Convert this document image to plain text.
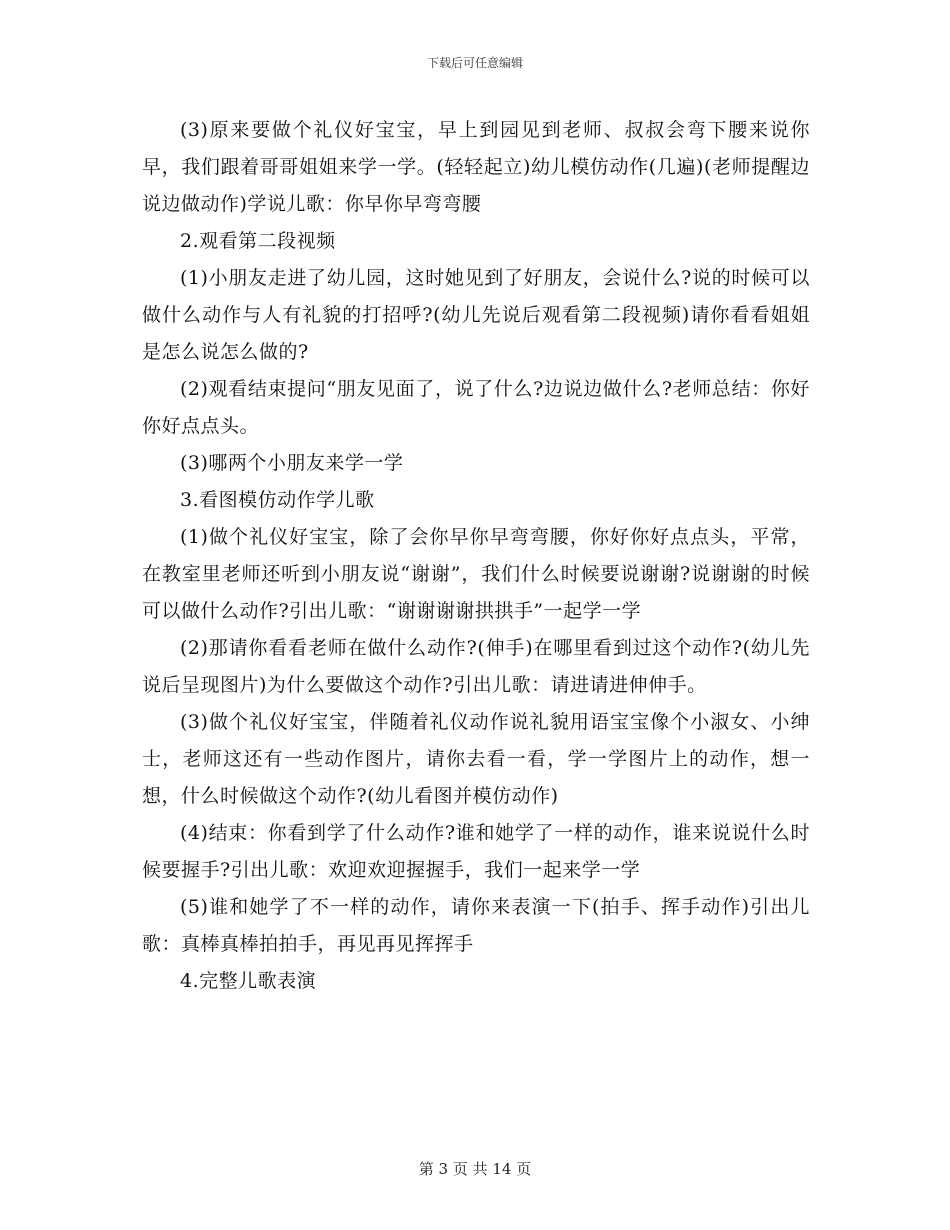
下载后可任意编辑

(3)原来要做个礼仪好宝宝，早上到园见到老师、叔叔会弯下腰来说你早，我们跟着哥哥姐姐来学一学。(轻轻起立)幼儿模仿动作(几遍)(老师提醒边说边做动作)学说儿歌：你早你早弯弯腰

2.观看第二段视频

(1)小朋友走进了幼儿园，这时她见到了好朋友，会说什么?说的时候可以做什么动作与人有礼貌的打招呼?(幼儿先说后观看第二段视频)请你看看姐姐是怎么说怎么做的?

(2)观看结束提问“朋友见面了，说了什么?边说边做什么?老师总结：你好你好点点头。

(3)哪两个小朋友来学一学

3.看图模仿动作学儿歌

(1)做个礼仪好宝宝，除了会你早你早弯弯腰，你好你好点点头，平常，在教室里老师还听到小朋友说“谢谢”，我们什么时候要说谢谢?说谢谢的时候可以做什么动作?引出儿歌：“谢谢谢谢拱拱手”一起学一学

(2)那请你看看老师在做什么动作?(伸手)在哪里看到过这个动作?(幼儿先说后呈现图片)为什么要做这个动作?引出儿歌：请进请进伸伸手。

(3)做个礼仪好宝宝，伴随着礼仪动作说礼貌用语宝宝像个小淑女、小绅士，老师这还有一些动作图片，请你去看一看，学一学图片上的动作，想一想，什么时候做这个动作?(幼儿看图并模仿动作)

(4)结束：你看到学了什么动作?谁和她学了一样的动作，谁来说说什么时候要握手?引出儿歌：欢迎欢迎握握手，我们一起来学一学

(5)谁和她学了不一样的动作，请你来表演一下(拍手、挥手动作)引出儿歌：真棒真棒拍拍手，再见再见挥挥手

4.完整儿歌表演

第 3 页 共 14 页
